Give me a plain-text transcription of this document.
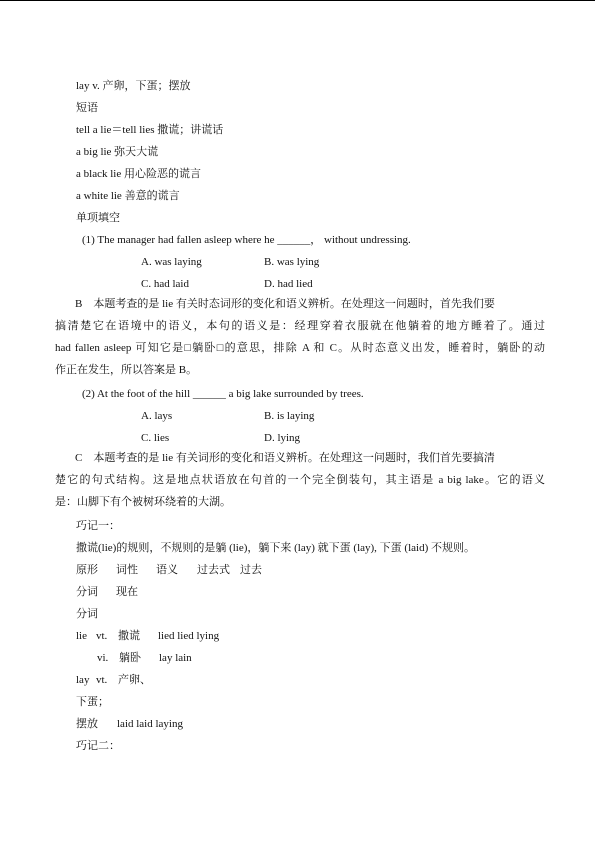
lay v. 产卵，下蛋；摆放
短语
tell a lie＝tell lies 撒谎；讲谎话
a big lie 弥天大谎
a black lie 用心险恶的谎言
a white lie 善意的谎言
单项填空
(1) The manager had fallen asleep where he ______， without undressing.
A. was laying	B. was lying
C. had laid	D. had lied
B　本题考查的是 lie 有关时态词形的变化和语义辨析。在处理这一问题时，首先我们要
搞清楚它在语境中的语义，本句的语义是：经理穿着衣服就在他躺着的地方睡着了。通过
had fallen asleep 可知它是□躺卧□的意思，排除 A 和 C。从时态意义出发，睡着时，躺卧的动
作正在发生，所以答案是 B。
(2) At the foot of the hill ______ a big lake surrounded by trees.
A. lays	B. is laying
C. lies	D. lying
C　本题考查的是 lie 有关词形的变化和语义辨析。在处理这一问题时，我们首先要搞清
楚它的句式结构。这是地点状语放在句首的一个完全倒装句，其主语是 a big lake。它的语义
是：山脚下有个被树环绕着的大湖。
巧记一：
撒谎(lie)的规则，不规则的是躺 (lie)，躺下来 (lay) 就下蛋 (lay), 下蛋 (laid) 不规则。
原形 词性 语义 过去式 过去
分词 现在
分词
lie vt. 撒谎 lied lied lying
vi. 躺卧 lay lain
lay vt. 产卵、
下蛋；
摆放 laid laid laying
巧记二：
